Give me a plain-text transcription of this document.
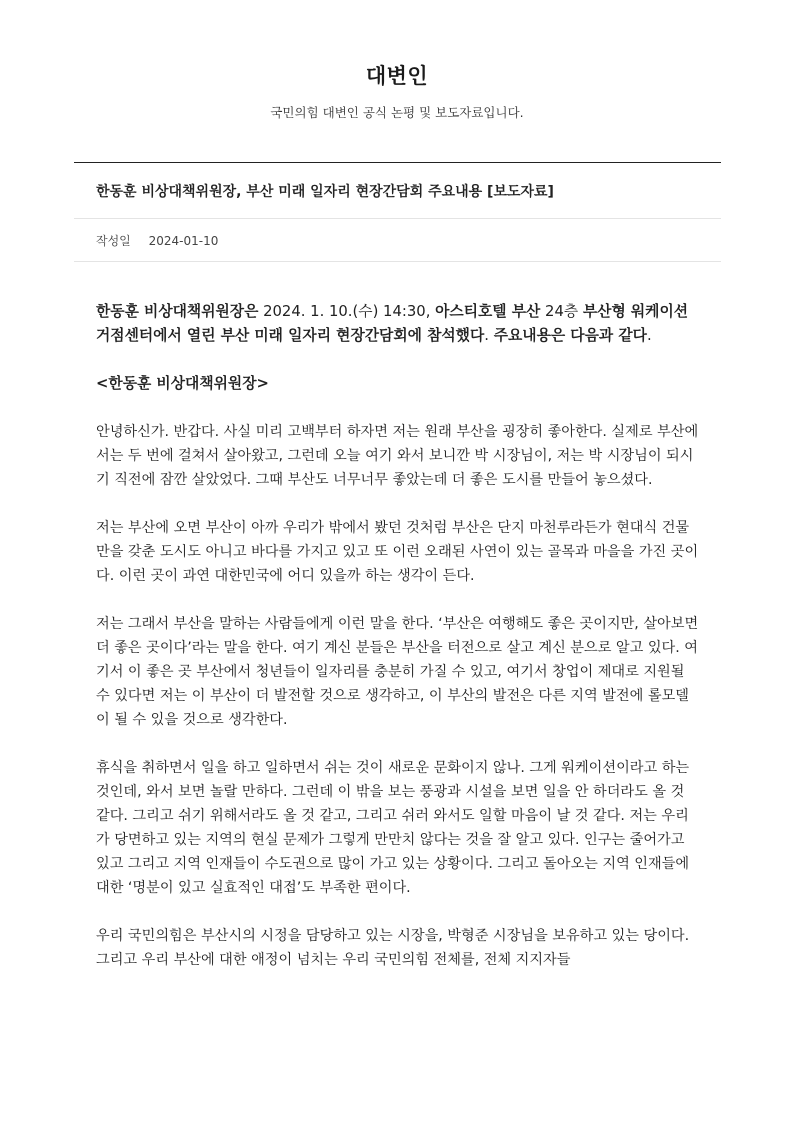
대변인
국민의힘 대변인 공식 논평 및 보도자료입니다.
한동훈 비상대책위원장, 부산 미래 일자리 현장간담회 주요내용 [보도자료]
작성일 2024-01-10

한동훈 비상대책위원장은 2024. 1. 10.(수) 14:30, 아스티호텔 부산 24층 부산형 워케이션 거점센터에서 열린 부산 미래 일자리 현장간담회에 참석했다. 주요내용은 다음과 같다.

<한동훈 비상대책위원장>

안녕하신가. 반갑다. 사실 미리 고백부터 하자면 저는 원래 부산을 굉장히 좋아한다. 실제로 부산에서는 두 번에 걸쳐서 살아왔고, 그런데 오늘 여기 와서 보니깐 박 시장님이, 저는 박 시장님이 되시기 직전에 잠깐 살았었다. 그때 부산도 너무너무 좋았는데 더 좋은 도시를 만들어 놓으셨다.

저는 부산에 오면 부산이 아까 우리가 밖에서 봤던 것처럼 부산은 단지 마천루라든가 현대식 건물만을 갖춘 도시도 아니고 바다를 가지고 있고 또 이런 오래된 사연이 있는 골목과 마을을 가진 곳이다. 이런 곳이 과연 대한민국에 어디 있을까 하는 생각이 든다.

저는 그래서 부산을 말하는 사람들에게 이런 말을 한다. ‘부산은 여행해도 좋은 곳이지만, 살아보면 더 좋은 곳이다’라는 말을 한다. 여기 계신 분들은 부산을 터전으로 살고 계신 분으로 알고 있다. 여기서 이 좋은 곳 부산에서 청년들이 일자리를 충분히 가질 수 있고, 여기서 창업이 제대로 지원될 수 있다면 저는 이 부산이 더 발전할 것으로 생각하고, 이 부산의 발전은 다른 지역 발전에 롤모델이 될 수 있을 것으로 생각한다.

휴식을 취하면서 일을 하고 일하면서 쉬는 것이 새로운 문화이지 않나. 그게 워케이션이라고 하는 것인데, 와서 보면 놀랄 만하다. 그런데 이 밖을 보는 풍광과 시설을 보면 일을 안 하더라도 올 것 같다. 그리고 쉬기 위해서라도 올 것 같고, 그리고 쉬러 와서도 일할 마음이 날 것 같다. 저는 우리가 당면하고 있는 지역의 현실 문제가 그렇게 만만치 않다는 것을 잘 알고 있다. 인구는 줄어가고 있고 그리고 지역 인재들이 수도권으로 많이 가고 있는 상황이다. 그리고 돌아오는 지역 인재들에 대한 ‘명분이 있고 실효적인 대접’도 부족한 편이다.

우리 국민의힘은 부산시의 시정을 담당하고 있는 시장을, 박형준 시장님을 보유하고 있는 당이다. 그리고 우리 부산에 대한 애정이 넘치는 우리 국민의힘 전체를, 전체 지지자들
